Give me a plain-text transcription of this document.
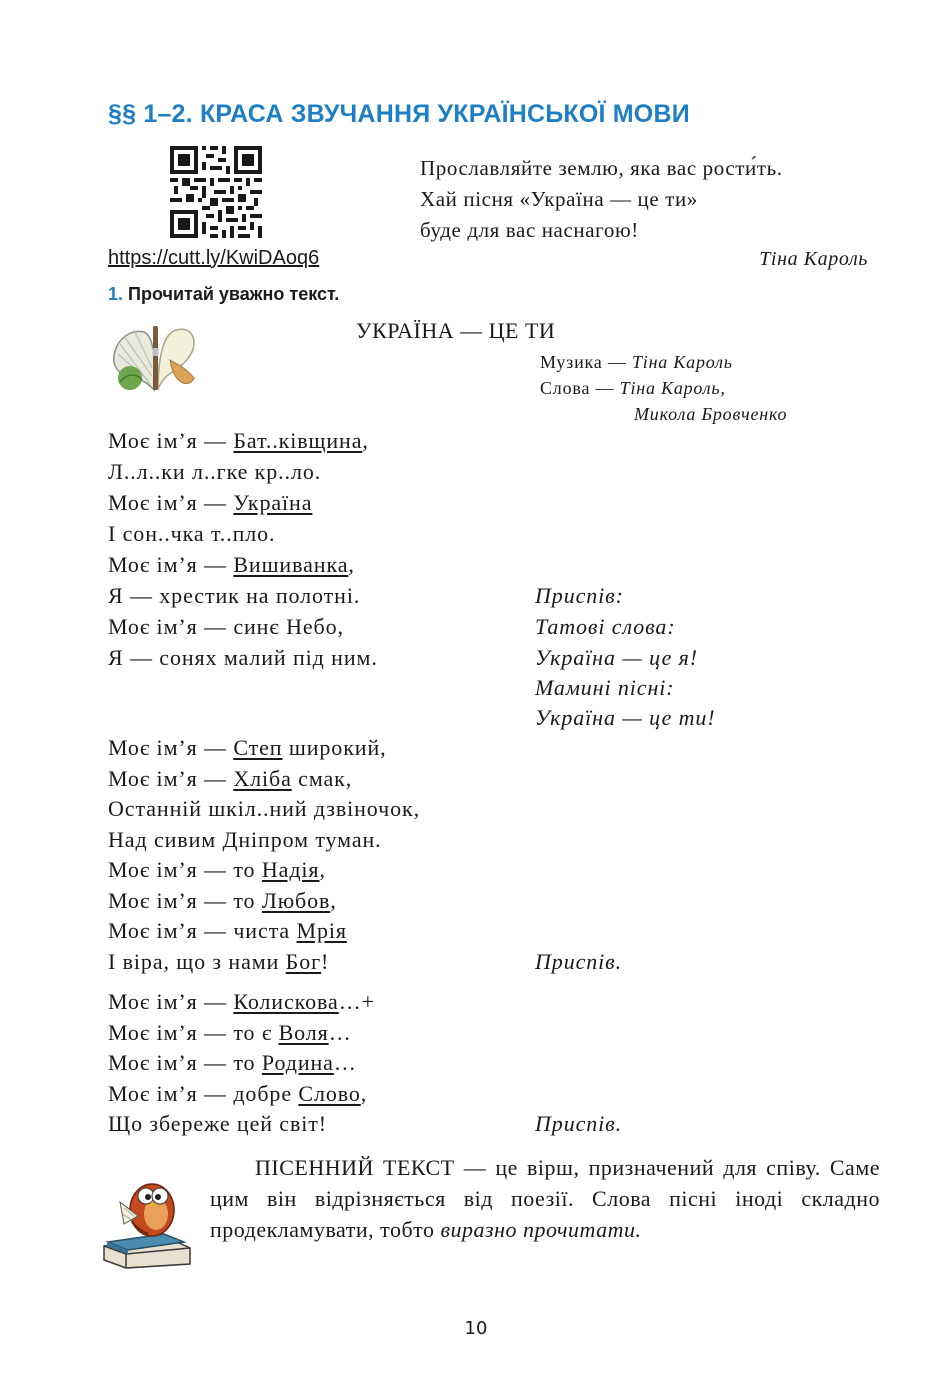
§§ 1–2. КРАСА ЗВУЧАННЯ УКРАЇНСЬКОЇ МОВИ
Прославляйте землю, яка вас рости́ть.
Хай пісня «Україна — це ти»
буде для вас наснагою!
https://cutt.ly/KwiDAoq6	Тіна Кароль
1. Прочитай уважно текст.
УКРАЇНА — ЦЕ ТИ
Музика — Тіна Кароль
Слова — Тіна Кароль,
Микола Бровченко
Моє ім’я — Бат..ківщина,
Л..л..ки л..гке кр..ло.
Моє ім’я — Україна
І сон..чка т..пло.
Моє ім’я — Вишиванка,
Я — хрестик на полотні.
Моє ім’я — синє Небо,
Я — сонях малий під ним.
Приспів:
Татові слова:
Україна — це я!
Мамині пісні:
Україна — це ти!
Моє ім’я — Степ широкий,
Моє ім’я — Хліба смак,
Останній шкіл..ний дзвіночок,
Над сивим Дніпром туман.
Моє ім’я — то Надія,
Моє ім’я — то Любов,
Моє ім’я — чиста Мрія
І віра, що з нами Бог!	Приспів.
Моє ім’я — Колискова…+
Моє ім’я — то є Воля…
Моє ім’я — то Родина…
Моє ім’я — добре Слово,
Що збереже цей світ!	Приспів.

ПІСЕННИЙ ТЕКСТ — це вірш, призначений для співу. Саме цим він відрізняється від поезії. Слова пісні іноді складно продекламувати, тобто виразно прочитати.

10
